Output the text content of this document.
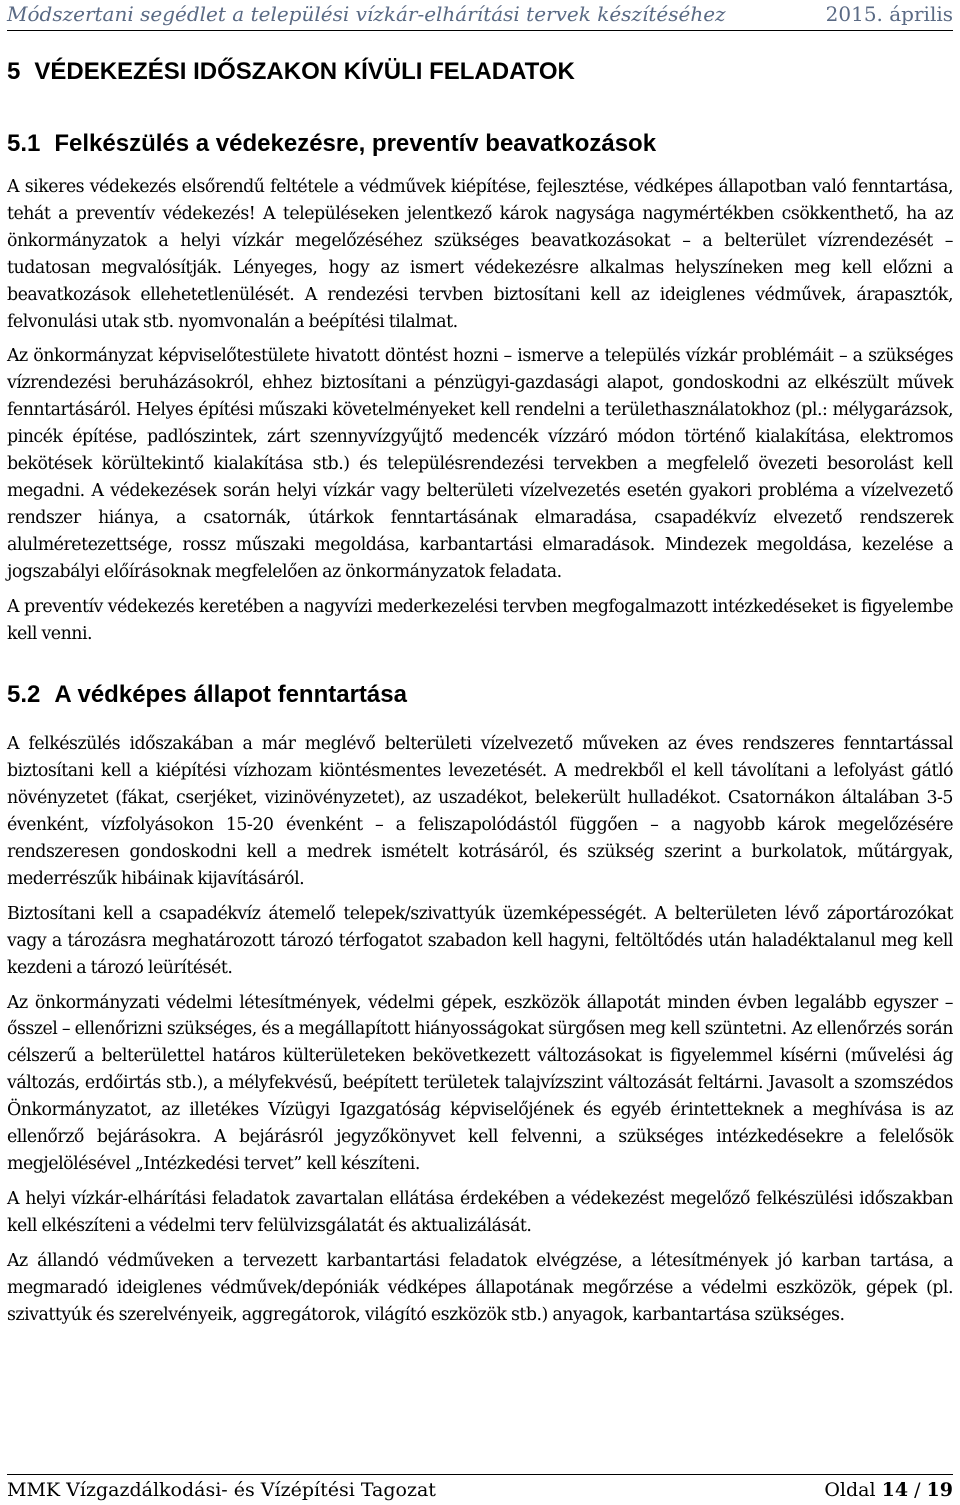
Módszertani segédlet a települési vízkár-elhárítási tervek készítéséhez	2015. április
5 VÉDEKEZÉSI IDŐSZAKON KÍVÜLI FELADATOK
5.1 Felkészülés a védekezésre, preventív beavatkozások

A sikeres védekezés elsőrendű feltétele a védművek kiépítése, fejlesztése, védképes állapotban való fenntartása, tehát a preventív védekezés! A településeken jelentkező károk nagysága nagymértékben csökkenthető, ha az önkormányzatok a helyi vízkár megelőzéséhez szükséges beavatkozásokat – a belterület vízrendezését – tudatosan megvalósítják. Lényeges, hogy az ismert védekezésre alkalmas helyszíneken meg kell előzni a beavatkozások ellehetetlenülését. A rendezési tervben biztosítani kell az ideiglenes védművek, árapasztók, felvonulási utak stb. nyomvonalán a beépítési tilalmat.

Az önkormányzat képviselőtestülete hivatott döntést hozni – ismerve a település vízkár problémáit – a szükséges vízrendezési beruházásokról, ehhez biztosítani a pénzügyi-gazdasági alapot, gondoskodni az elkészült művek fenntartásáról. Helyes építési műszaki követelményeket kell rendelni a területhasználatokhoz (pl.: mélygarázsok, pincék építése, padlószintek, zárt szennyvízgyűjtő medencék vízzáró módon történő kialakítása, elektromos bekötések körültekintő kialakítása stb.) és településrendezési tervekben a megfelelő övezeti besorolást kell megadni. A védekezések során helyi vízkár vagy belterületi vízelvezetés esetén gyakori probléma a vízelvezető rendszer hiánya, a csatornák, útárkok fenntartásának elmaradása, csapadékvíz elvezető rendszerek alulméretezettsége, rossz műszaki megoldása, karbantartási elmaradások. Mindezek megoldása, kezelése a jogszabályi előírásoknak megfelelően az önkormányzatok feladata.

A preventív védekezés keretében a nagyvízi mederkezelési tervben megfogalmazott intézkedéseket is figyelembe kell venni.

5.2 A védképes állapot fenntartása

A felkészülés időszakában a már meglévő belterületi vízelvezető műveken az éves rendszeres fenntartással biztosítani kell a kiépítési vízhozam kiöntésmentes levezetését. A medrekből el kell távolítani a lefolyást gátló növényzetet (fákat, cserjéket, vizinövényzetet), az uszadékot, belekerült hulladékot. Csatornákon általában 3-5 évenként, vízfolyásokon 15-20 évenként – a feliszapolódástól függően – a nagyobb károk megelőzésére rendszeresen gondoskodni kell a medrek ismételt kotrásáról, és szükség szerint a burkolatok, műtárgyak, mederrészűk hibáinak kijavításáról.

Biztosítani kell a csapadékvíz átemelő telepek/szivattyúk üzemképességét. A belterületen lévő záportározókat vagy a tározásra meghatározott tározó térfogatot szabadon kell hagyni, feltöltődés után haladéktalanul meg kell kezdeni a tározó leürítését.

Az önkormányzati védelmi létesítmények, védelmi gépek, eszközök állapotát minden évben legalább egyszer – ősszel – ellenőrizni szükséges, és a megállapított hiányosságokat sürgősen meg kell szüntetni. Az ellenőrzés során célszerű a belterülettel határos külterületeken bekövetkezett változásokat is figyelemmel kísérni (művelési ág változás, erdőirtás stb.), a mélyfekvésű, beépített területek talajvízszint változását feltárni. Javasolt a szomszédos Önkormányzatot, az illetékes Vízügyi Igazgatóság képviselőjének és egyéb érintetteknek a meghívása is az ellenőrző bejárásokra. A bejárásról jegyzőkönyvet kell felvenni, a szükséges intézkedésekre a felelősök megjelölésével „Intézkedési tervet” kell készíteni.

A helyi vízkár-elhárítási feladatok zavartalan ellátása érdekében a védekezést megelőző felkészülési időszakban kell elkészíteni a védelmi terv felülvizsgálatát és aktualizálását.

Az állandó védműveken a tervezett karbantartási feladatok elvégzése, a létesítmények jó karban tartása, a megmaradó ideiglenes védművek/depóniák védképes állapotának megőrzése a védelmi eszközök, gépek (pl. szivattyúk és szerelvényeik, aggregátorok, világító eszközök stb.) anyagok, karbantartása szükséges.

MMK Vízgazdálkodási- és Vízépítési Tagozat	Oldal 14 / 19
